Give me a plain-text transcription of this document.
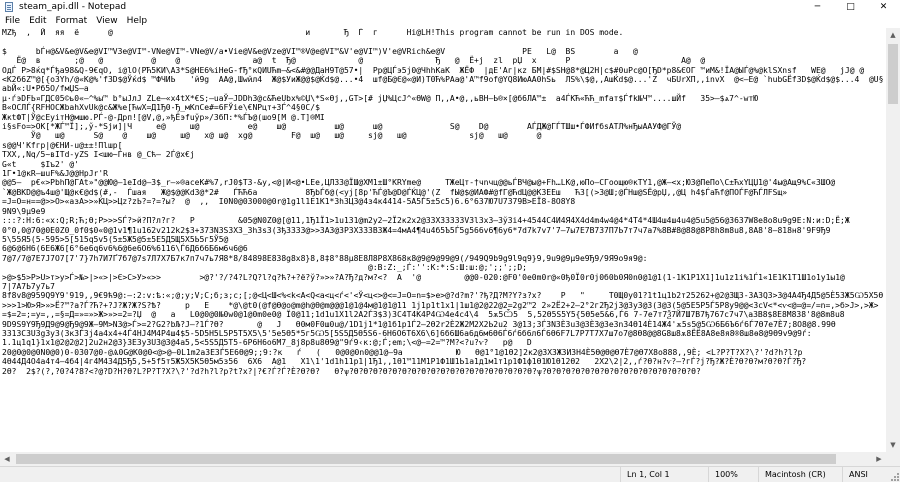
steam_api.dll - Notepad	─	□	✕
File	Edit	Format	View	Help
MZђ  ‚  Й  яя  ё      @                                        и       Ђ  Ѓ  г      Hi@LH!This program cannot be run in DOS mode.
$      bЃн@&V&е@V&е@VI™V3е@VI™-VNе@VI™-VNе@V/а•Vіе@V&е@Vzе@VI™®V@е@VI™&V'е@VI™)V'е@VRісh&е@V                PE   L@  BS        a   @
Ё@  в       ;@   @          @    @               а@  t  Ђ@             @               Ђ   @  Ё+j  zl  рЏ  х      P                       A@  @
ОдЃ P>8ќq*Ѓђа98&Q-9€qO, і@lO(PЋ5KИ\А3*Ѕ@НЕ6%іНеG-fЂ°кQИUЋm–&<&#@@ДаН9Т@57•|  Рр@ЦЃэ5ј0@ЧhhKаK  ЖЁФ  |дЕ'Аг|кz БМ|#$SН@8*@Ц2Н|с$#0uРс@О[ЂD*р8&ЄОГ ™иM&!ЇА@ЫЃ@%@klЅXnsf   WЕ@   jЈ@ @
<К2б6Z™@[{o3Yh/@«К@%'f3D$@Ўќd$ ™ФЧИЬ   'й9g  АА@,Шwйл4  Ж@$УиЖ@@$@Ќd$@...•4  шf@Б@Є@«@И)Т0Ћ%РАа@'А™f9оf@YQ8ИюАА0hЅь  ЛЅ%\$@,,АшЌd$@...'Z  чБUrXП,,invX  @<—Е@ `hubGЁf3D$@Ќd$@$...4  @U§
аbЙ«:U•Рб5О/fмЏЅ—а
µ·ѓэDFЬ¤ГДС05©ь0«—^%ы™ b°ыЈлЈ ZLе—«x4tX*€S;—uаЎ—JDDh3@с&ЋеUbx%©Џ\*Ѕ«Ѳj,,GT>[# јЏ%ЦсЈ^«ӨW@ П,,А•@,,ьВН—Ь®×[@б6ЛА™±  а4ЃКЋ«ЋЋ_mfат$Ѓfk№Ч™....шЙf   З5>—$ѧ7^-wтЮ
В«ОСЛЃ{RFHОСЖbаhXvUk@с&Ж%e[ЋwX=Д1Ђ0-Ђ_мКпСе#=6FЎіе\€NPцт+3Ѓ^4§0С/$
ЖкtФТ|Ў@сЕуітН@мшю.РЃ-@-Дрп![@V,@,»ђЁэfuўр»/ЗбП:*%ЃЪ@(шо9[М @.T]®МI
i§sFо=>ОК[*ЖЃ™Ї];,ў-*Sjи]|Ч     е@     ш@          е@    ш@          ш@      ш@              Ѕ@    D@        АЃДЖ@ГЃТШш•ЃФИfбsАТЛ%нЂыААУФ@ГЎ@
Ў@   ш@      Ѕ@    @    ш@     ш@   x@ ш@  xg@        F@  ш@   ш@     sj@   ш@             sj@   ш@      @
s@@Ч'Кfгр|@€НИ-u@±±!Пlшр[
ТХХ,,Nq/5~вITd-уZЅ I<шю~Ѓнв @_Сћ— 2Ѓ@х€j
G«t     $Іъ2' @'
1Г•1@кR—шuF%&J@@HрJr'R
@@5—  p€«>PbhП@ГAt»"@@Ю@—1eId@—3$_r—»®асеК#%7,rJ0$Т3-&у,<@|И<@•LEe,ЦЛЗЗ@ЇШ@XM1±Ш°КRYmе@     ТЖеЦт-†чnчц@@ьЃВЧ@ы@+Fh…LК@,юПо—СГоощю®кТY1,@Ж—<х;Ю3@ПeПo\С±ЋхYЦЏ1@'4ы@Ащ9%С«ЗШО@
`Ж@ВКD@@ъ4ш@'Щ@к€@d$(#,-  Ѓшая   Ж@$@@КdЗ@*2#   ЃЋЋ6a          8ЂbЃб@(<уј[8р'ЋЃ@Ъ@D@ЃЌЦ@'(Z  fЫ@$@ИАФ#@fГ@ЋdЦ@@К3ЕЕш   Ћ3[(>З@Ш;@ЃНш@SЁ@рЏ,,@Ц h4$ЃаЋf@ПОЃF@ЋЃЛFЅщ»
=J=О=н==@>>О>«азА>>»ЌЦ>>Цz?zЬ?=?=?ы?  @  ,,  I0N0@03000@0r@1g1l1E1К1*3h3Ц3@4з4к4414-5А5Ѓ5±5с5)6.6°6З7Ю7U7379В>ЕЇ8-8О8Y8
9N9\9µ9е9
:::?:Н:6:«х:Q;R;Ћ;Ѳ;Р>>>ЅЃ?>й?П?л?г?   Р         &05@N0Z0@[@11,1Ђ1Ї1>1u1З1@m2y2—2Ї2к2х2@З3Х3З3З3V3l3х3—3ў3і4+4544С4И4Я4X4d4m4w4@4*4Т4*4Ш4ш4ш4u4@5u5@56@36З7W8e8o8u9g9E:N:и:D;Ё;Ж
0°0,0@70@0E0Z0_0f0$0«0@1v1¶1u162v212k2$3+373N3S3X3_3h3s3(3ђ3З33@>>3АЗ@ЗРЗХЗЗ3ВЗЖ4=4мА4¶4u4б5Ъ5Ѓ5g566v6¶6y6*7d7k7v7'7—7ы7Е7В737П7Ь7т7ч7а7%8В#8@88@8Р8h8m8u8,8А8'8—818н8'9F9Ђ9
5\55Я5(5-595>5[515q5v5(5±5Ж5@5±5Е5Д5Щ5Х5Ь5г5Ў5@
6@6@6Н6(6Е6Ж6[6°6е6q6v6%6@6е6О6%6116\Ѓ6Д6б6Б6м6ч6@6
7@7/7@7Е7J7О7[7'7}7h7И7Ґ7б7@7ѕ7Л7Х7Б7к7п7ч7ь7Я8*8/84898Е8З8g8х8}8,8‡8°88µ8Е8Л8Р8Х868к8@9@9@99@9(/949Q9b9g9l9q9}9,9u9@9µ9е9Ђ9/9Я9о9я9@:
@:B:Z:_;Ѓ:'':К:*:S:Ш:ш:@;';;';;D;
>@>$5>Р>U>т>у>Ѓ>№>|>«>|>Є>С>У>«>>        >@?'?/?4?L?Q?l?q?ћ?+?ё?ў?»>»?А?Ђ?д?м?<?  А  '@         @@0-020:@F0'0e0m0r@«0ђ0Ї0r0ј0б0b0Я0n0@1@1(1-1К1Р1Х1]1u1z1i%1Ѓ1«1Е1К1Т1Ш1о1у1ы1@
7|7А7Ь7у7ь7
8f8v8@959Q9Y9'919,,9€9ћ9@:—:2:v:ѣ:«;@;у;V;С;б;з;с;[;@<Ц<Ш<%<k<А<Q<а<ц<ѓ<'<Ў<ц<>@<=J=О=n=$>е>@?d?m?'?ђ?Д?М?Y?з?x?    Р   "     Т0Щ0у01?1t1ц1b2т25262+@2@3Щ3-3А3Q3>3@4А4Ђ4Д5@5Ѐ5ЗЖ5Ѡ5Х5Ѳ
>>>1>Ю>Я>»>Ё?™?a?Ѓ?Ћ?+?J?Ж?Ж?Ѕ?Ѣ?     р   Е    *@\@t0(@f@Ѳ@o@m@h@Ѳ@m@@@1@1@4м@1@1@11 1ј1р1t1x1|1ш1@2@22@2=2g2™2 2»2Ё2+2—2°2г2Ђ2ј3@3у3@3(3@3(5@5Е5Р5Ѓ5Р8у9@@<ЗсV<*<ѵ<@=@=/=n=,>б>J>,>Ж>
=$=2=;=у=,,=§=Д=»=»>Ж>»>=2=?Џ  @   а   L0@0@0№0w0@1@0m0e0@ Ї0@11;1d1u1Х1l2A2Ѓ3$3)3С4Т4К4Р4Ѡ4е4с4\4  5ѫ5Ѽ5  5,52Ѳ5Ѕ5Y5{5Ѳ5е5&6,Ѓ6 7-7е7т7Ѯ7Й7Ш7В7ђ767с7ч7\аЗВ8$8Е8М8З8'8@8m8u8
9D9S9Y9Ђ9Д9@9@Ђ9@9Ж—9М>NЗ@>Ѓ>=2?G2?bЉ?J—?1Ѓ?Ѳ?       @   J   Ѳ0м0F0ш0u@/1D1ј1*1@1б1р1Ѓ2—2Ѳ2r2Ѐ2Ж2М2Х2Ь2u2 3@13;3Ѓ3N3Ѐ3u3@3Ѐ3@3е3nЗ4Ѳ14Ѐ14Ж4'ѫ5s5@5Ѡ6Б6Ъ6ѓ6Ѓ7Ѳ7е7Ѐ7;8О8@8.99Ѳ
3313С3U3g3у3(3кЗЃ3ј4а4х4+4Ѓ4НЈ4М4Р4ш4$5-5D5Н5L5P5Т5Х5\5'5е5Ѳ5*5г5Ѡ5[5Ѕ5Д5Ѳ5Ѕ6-6Н6О6Т6Х6\6]6б6Ш6а6д6м6Ѳ6Ѓ6ѓ6б6л6Ѓ6Ѳ6F7L7Р7Т7Х7ш7о7@8Ѳ8@@8G8ш8ѫ8ЁЁ8А8е8я8®8ш8ѳ8@9Ѳ9v9@9ѓ:
1.1ц1q1}1х1@2@2@2]2u2н2@3}3Е3у3U3@3@4а5,5<5Ѕ5Д5Т5-6Р6Н6о6М7_8j8р8u8Ѳ9@"9ѓ9‹к:@;Ѓ;еm;\<@—=2=™?М?<?u?ѵ?   р@   D
20@0@0@0N0@0)0-0307@0-@Ѧ0G@К0@0<@>@—0L1m2а3Е3Ѓ5Е6Ѳ@9;;9:?к   ѓ   (   0@0@0n0@@1@—9а           Ю   Ѳ@1°1@1Ѳ2]2к2@3Х3Ж3И3Н4Ѐ5Ѳ@Ѳ@Ѳ7Ѐ7@Ѳ7Х8о888,,9Ѐ; <L?Р?Т?Х?\?'?d?h?l?p
4Ѳ44Д4О4а4т4—4б4|4г4М434Д5Ђ5,5+5f5т5Ж5Х5К5Ѳ5м5з56  6Х6  А@1   X1\1'1d1h11р1|1Ђ1,,1Ѳ1™11М1Р1Ф1Ш1Ь1а1д1м1т1р1Ф1ф1Ѳ1Ю1Ѳ12Ѳ2   2Х2\2|2,,ѓ?Ѳ?н?ѵ?—?гЃ?ј?Ђ?Ж?Ѐ?Ѳ?Ѳ?м?Ѳ?Ѳ?Ѓ?Ђ?
2Ѳ?  2$?(?,?0?4?8?<?@?D?Н?Ѳ?L?Р?Т?Х?\?'?d?h?l?p?t?x?|?€?Ѓ?Ѓ?Ѐ?Ѳ?Ѳ?   Ѳ?ѱ?Ѳ?Ѳ?Ѳ?Ѳ?Ѳ?Ѳ?Ѳ?Ѳ?Ѳ?Ѳ?Ѳ?Ѳ?Ѳ?Ѳ?Ѳ?Ѳ?Ѳ?Ѳ?Ѳ?ѱ?Ѳ?Ѳ?Ѳ?Ѳ?Ѳ?Ѳ?Ѳ?Ѳ?Ѳ?Ѳ?Ѳ?Ѳ?Ѳ?Ѳ?Ѳ?Ѳ?
▲
▼
◀	▶
Ln 1, Col 1	100%	Macintosh (CR)	ANSI
